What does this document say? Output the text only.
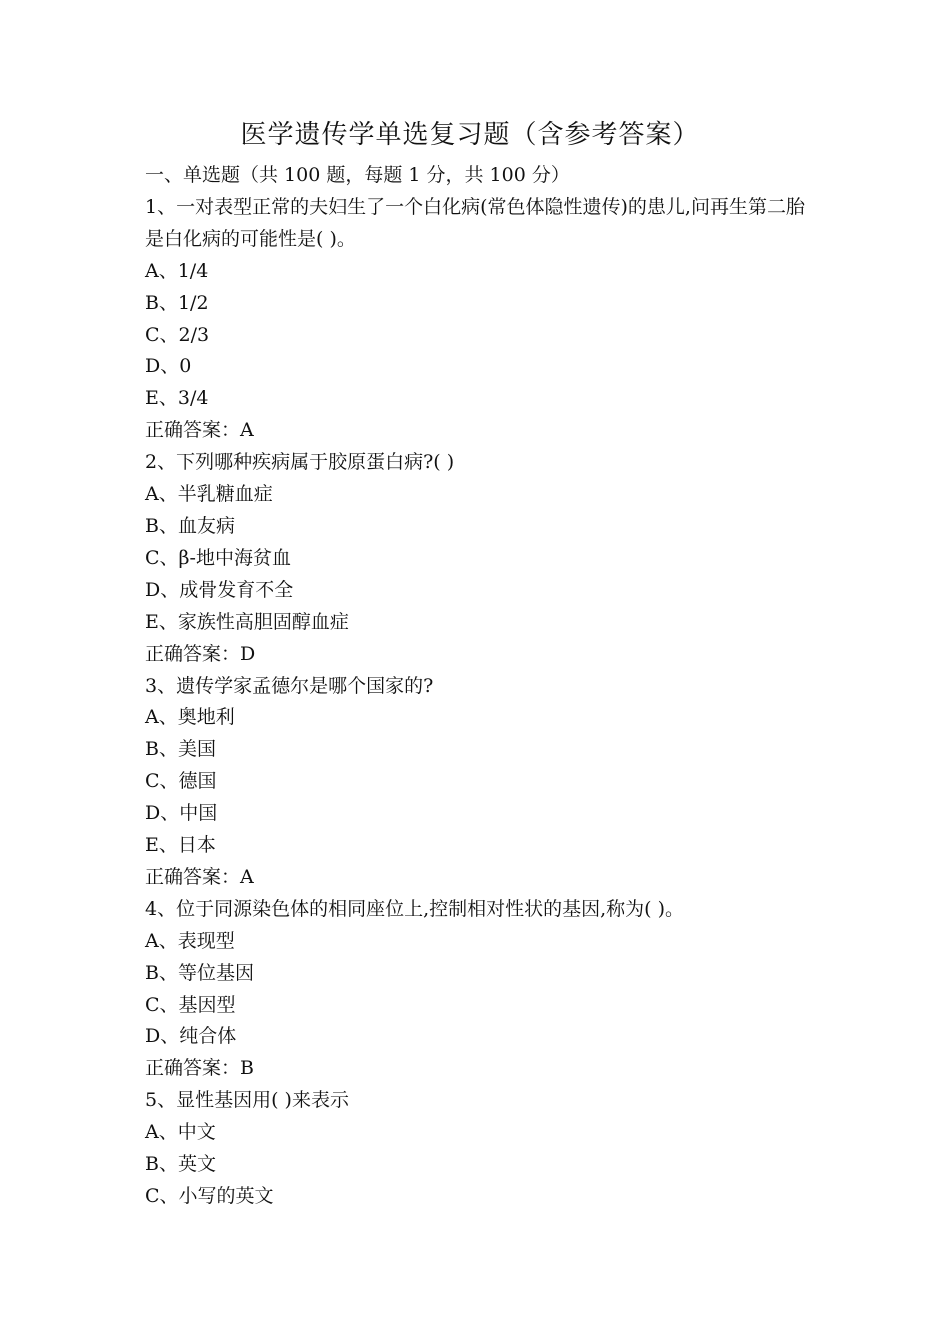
医学遗传学单选复习题（含参考答案）
一、单选题（共 100 题，每题 1 分，共 100 分）
1、一对表型正常的夫妇生了一个白化病(常色体隐性遗传)的患儿,问再生第二胎是白化病的可能性是( )。
A、1/4
B、1/2
C、2/3
D、0
E、3/4
正确答案：A
2、下列哪种疾病属于胶原蛋白病?( )
A、半乳糖血症
B、血友病
C、β-地中海贫血
D、成骨发育不全
E、家族性高胆固醇血症
正确答案：D
3、遗传学家孟德尔是哪个国家的?
A、奥地利
B、美国
C、德国
D、中国
E、日本
正确答案：A
4、位于同源染色体的相同座位上,控制相对性状的基因,称为( )。
A、表现型
B、等位基因
C、基因型
D、纯合体
正确答案：B
5、显性基因用( )来表示
A、中文
B、英文
C、小写的英文
